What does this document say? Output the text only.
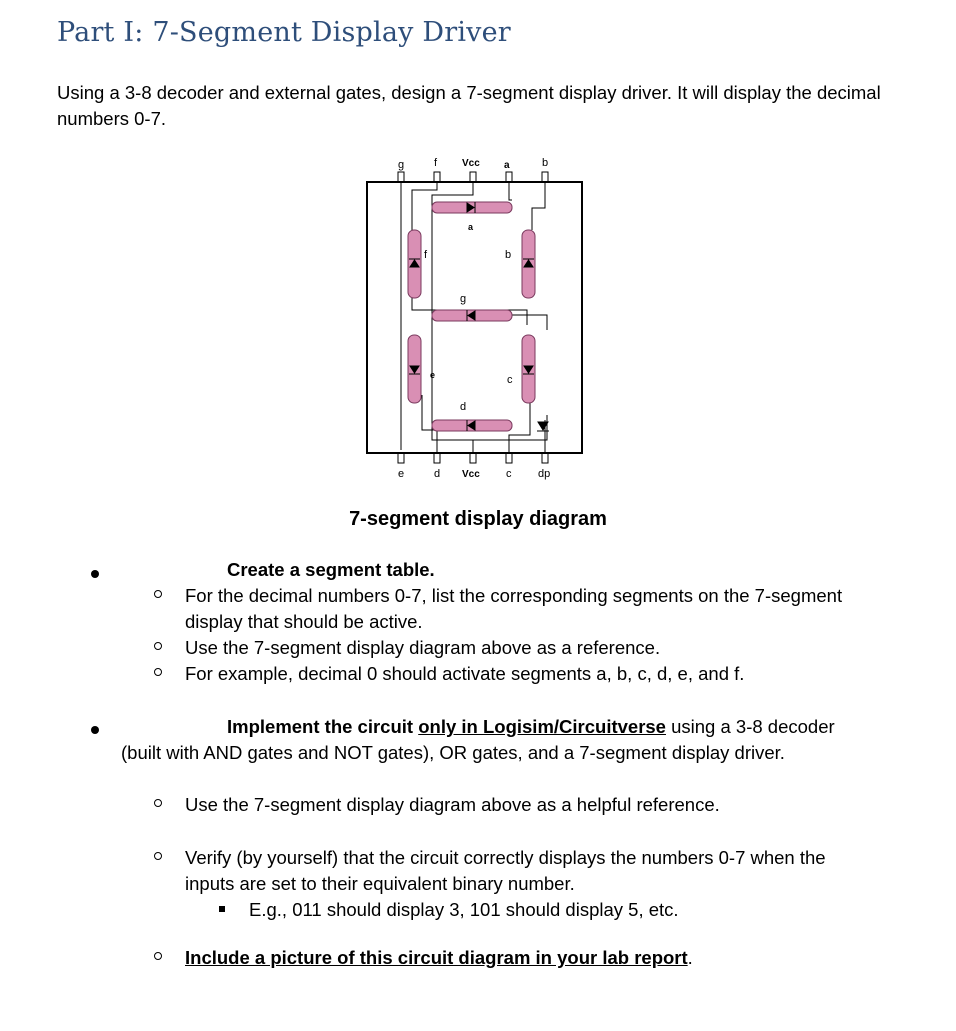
Part I: 7-Segment Display Driver
Using a 3-8 decoder and external gates, design a 7-segment display driver. It will display the decimal numbers 0-7.
g	f Vcc a	b
a
b
c
d
e
f
g
e	d Vcc c dp
7-segment display diagram
Create a segment table.
For the decimal numbers 0-7, list the corresponding segments on the 7-segment
display that should be active.
Use the 7-segment display diagram above as a reference.
For example, decimal 0 should activate segments a, b, c, d, e, and f.
Implement the circuit only in Logisim/Circuitverse using a 3-8 decoder
(built with AND gates and NOT gates), OR gates, and a 7-segment display driver.
Use the 7-segment display diagram above as a helpful reference.
Verify (by yourself) that the circuit correctly displays the numbers 0-7 when the
inputs are set to their equivalent binary number.
E.g., 011 should display 3, 101 should display 5, etc.
Include a picture of this circuit diagram in your lab report.
